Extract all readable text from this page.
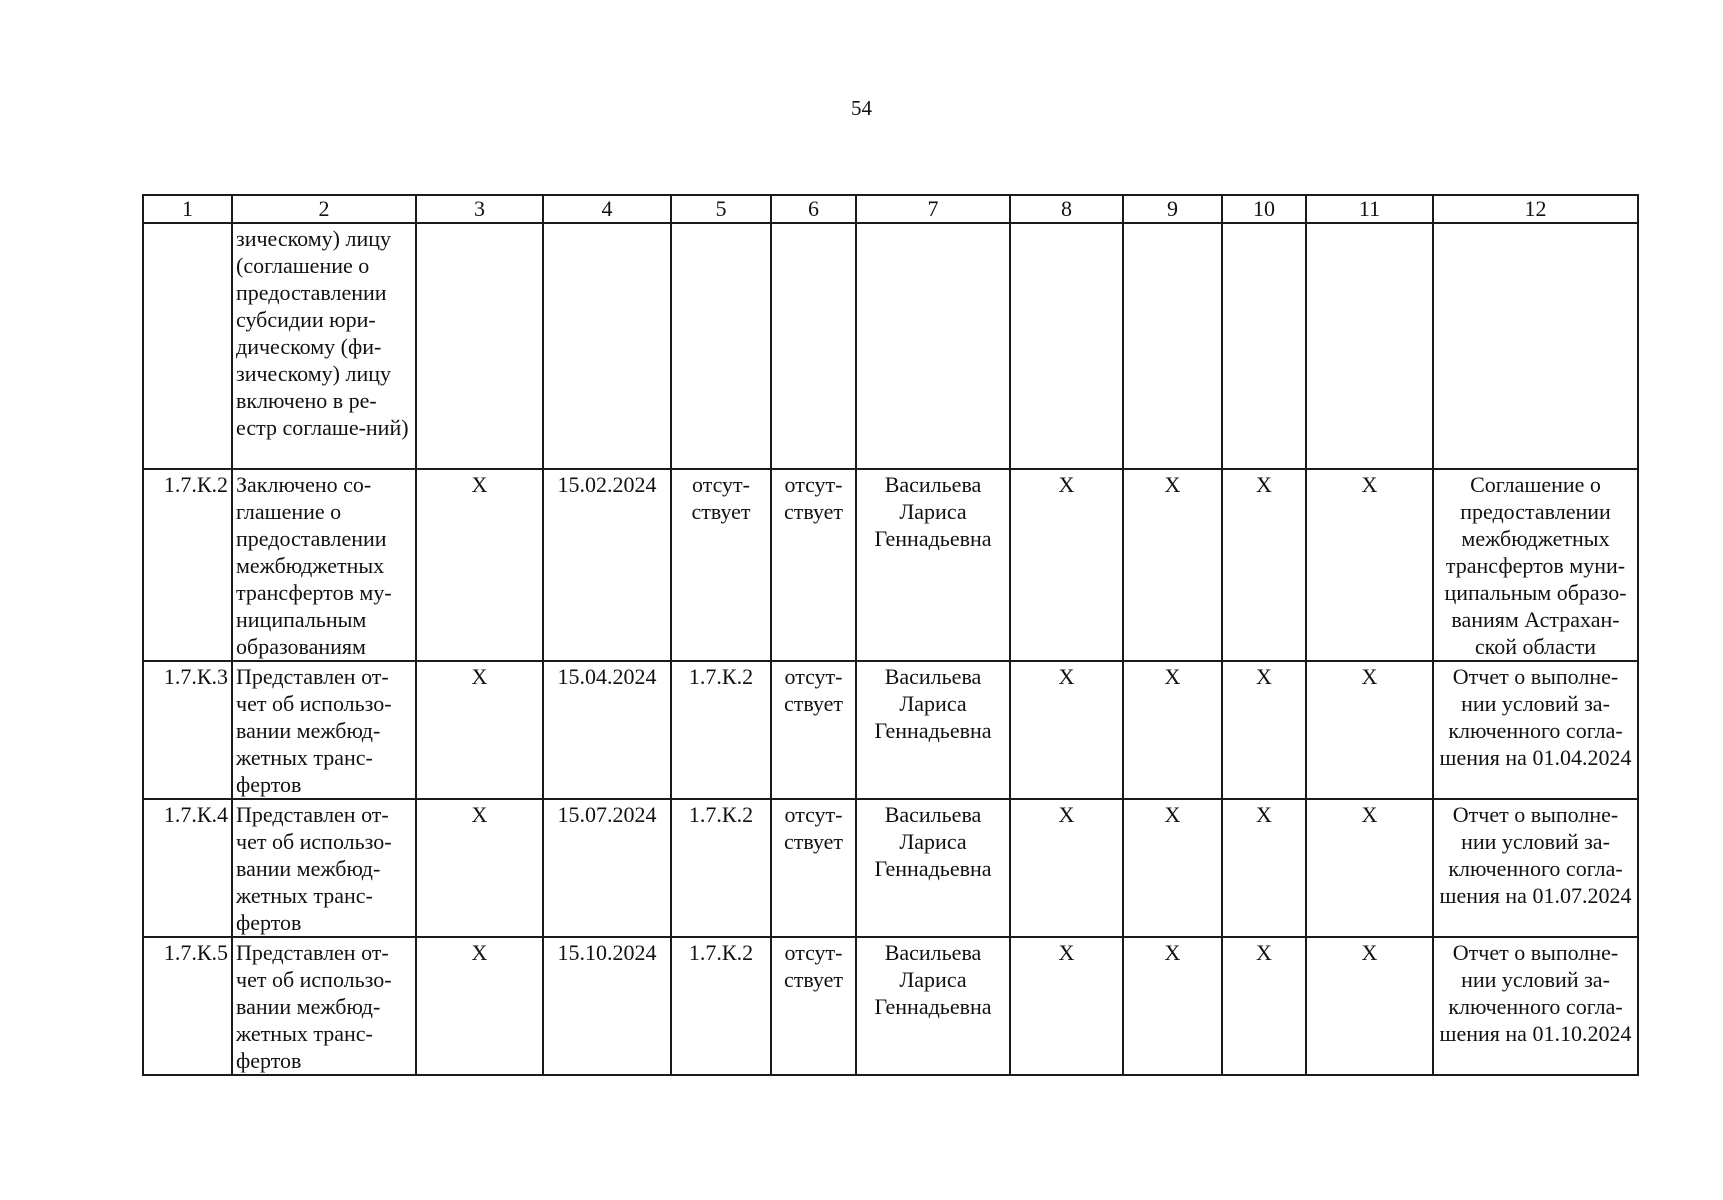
54
1	2	3	4	5	6	7	8	9	10	11	12
	зическому) лицу (соглашение о предоставлении субсидии юри-дическому (фи-зическому) лицу включено в ре-естр соглаше-ний)										
1.7.К.2	Заключено со-глашение о предоставлении межбюджетных трансфертов му-ниципальным образованиям	Х	15.02.2024	отсут-ствует	отсут-ствует	Васильева Лариса Геннадьевна	Х	Х	Х	Х	Соглашение о предоставлении межбюджетных трансфертов муни-ципальным образо-ваниям Астрахан-ской области
1.7.К.3	Представлен от-чет об использо-вании межбюд-жетных транс-фертов	Х	15.04.2024	1.7.К.2	отсут-ствует	Васильева Лариса Геннадьевна	Х	Х	Х	Х	Отчет о выполне-нии условий за-ключенного согла-шения на 01.04.2024
1.7.К.4	Представлен от-чет об использо-вании межбюд-жетных транс-фертов	Х	15.07.2024	1.7.К.2	отсут-ствует	Васильева Лариса Геннадьевна	Х	Х	Х	Х	Отчет о выполне-нии условий за-ключенного согла-шения на 01.07.2024
1.7.К.5	Представлен от-чет об использо-вании межбюд-жетных транс-фертов	Х	15.10.2024	1.7.К.2	отсут-ствует	Васильева Лариса Геннадьевна	Х	Х	Х	Х	Отчет о выполне-нии условий за-ключенного согла-шения на 01.10.2024
